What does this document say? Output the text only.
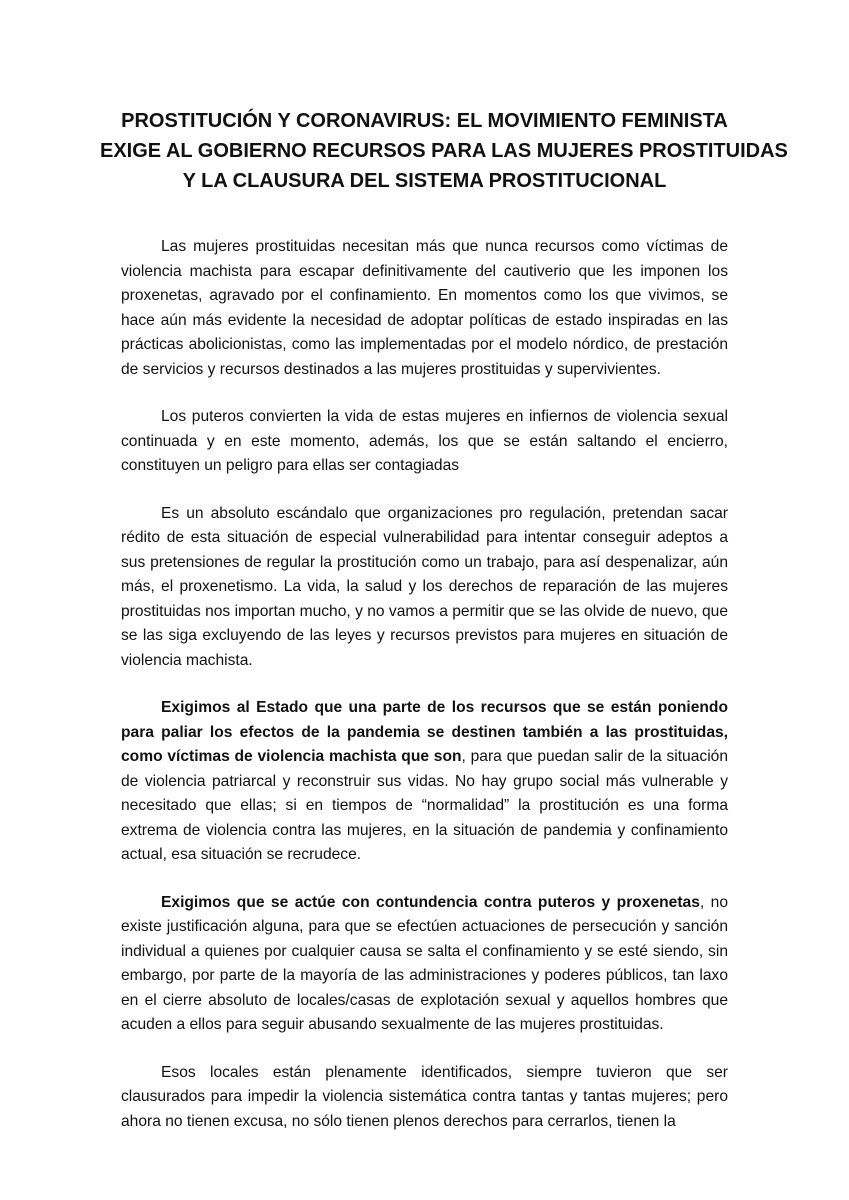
PROSTITUCIÓN Y CORONAVIRUS: EL MOVIMIENTO FEMINISTA
EXIGE AL GOBIERNO RECURSOS PARA LAS MUJERES PROSTITUIDAS
Y LA CLAUSURA DEL SISTEMA PROSTITUCIONAL

Las mujeres prostituidas necesitan más que nunca recursos como víctimas de violencia machista para escapar definitivamente del cautiverio que les imponen los proxenetas, agravado por el confinamiento. En momentos como los que vivimos, se hace aún más evidente la necesidad de adoptar políticas de estado inspiradas en las prácticas abolicionistas, como las implementadas por el modelo nórdico, de prestación de servicios y recursos destinados a las mujeres prostituidas y supervivientes.

Los puteros convierten la vida de estas mujeres en infiernos de violencia sexual continuada y en este momento, además, los que se están saltando el encierro, constituyen un peligro para ellas ser contagiadas

Es un absoluto escándalo que organizaciones pro regulación, pretendan sacar rédito de esta situación de especial vulnerabilidad para intentar conseguir adeptos a sus pretensiones de regular la prostitución como un trabajo, para así despenalizar, aún más, el proxenetismo. La vida, la salud y los derechos de reparación de las mujeres prostituidas nos importan mucho, y no vamos a permitir que se las olvide de nuevo, que se las siga excluyendo de las leyes y recursos previstos para mujeres en situación de violencia machista.

Exigimos al Estado que una parte de los recursos que se están poniendo para paliar los efectos de la pandemia se destinen también a las prostituidas, como víctimas de violencia machista que son, para que puedan salir de la situación de violencia patriarcal y reconstruir sus vidas. No hay grupo social más vulnerable y necesitado que ellas; si en tiempos de “normalidad” la prostitución es una forma extrema de violencia contra las mujeres, en la situación de pandemia y confinamiento actual, esa situación se recrudece.

Exigimos que se actúe con contundencia contra puteros y proxenetas, no existe justificación alguna, para que se efectúen actuaciones de persecución y sanción individual a quienes por cualquier causa se salta el confinamiento y se esté siendo, sin embargo, por parte de la mayoría de las administraciones y poderes públicos, tan laxo en el cierre absoluto de locales/casas de explotación sexual y aquellos hombres que acuden a ellos para seguir abusando sexualmente de las mujeres prostituidas.

Esos locales están plenamente identificados, siempre tuvieron que ser clausurados para impedir la violencia sistemática contra tantas y tantas mujeres; pero ahora no tienen excusa, no sólo tienen plenos derechos para cerrarlos, tienen la
